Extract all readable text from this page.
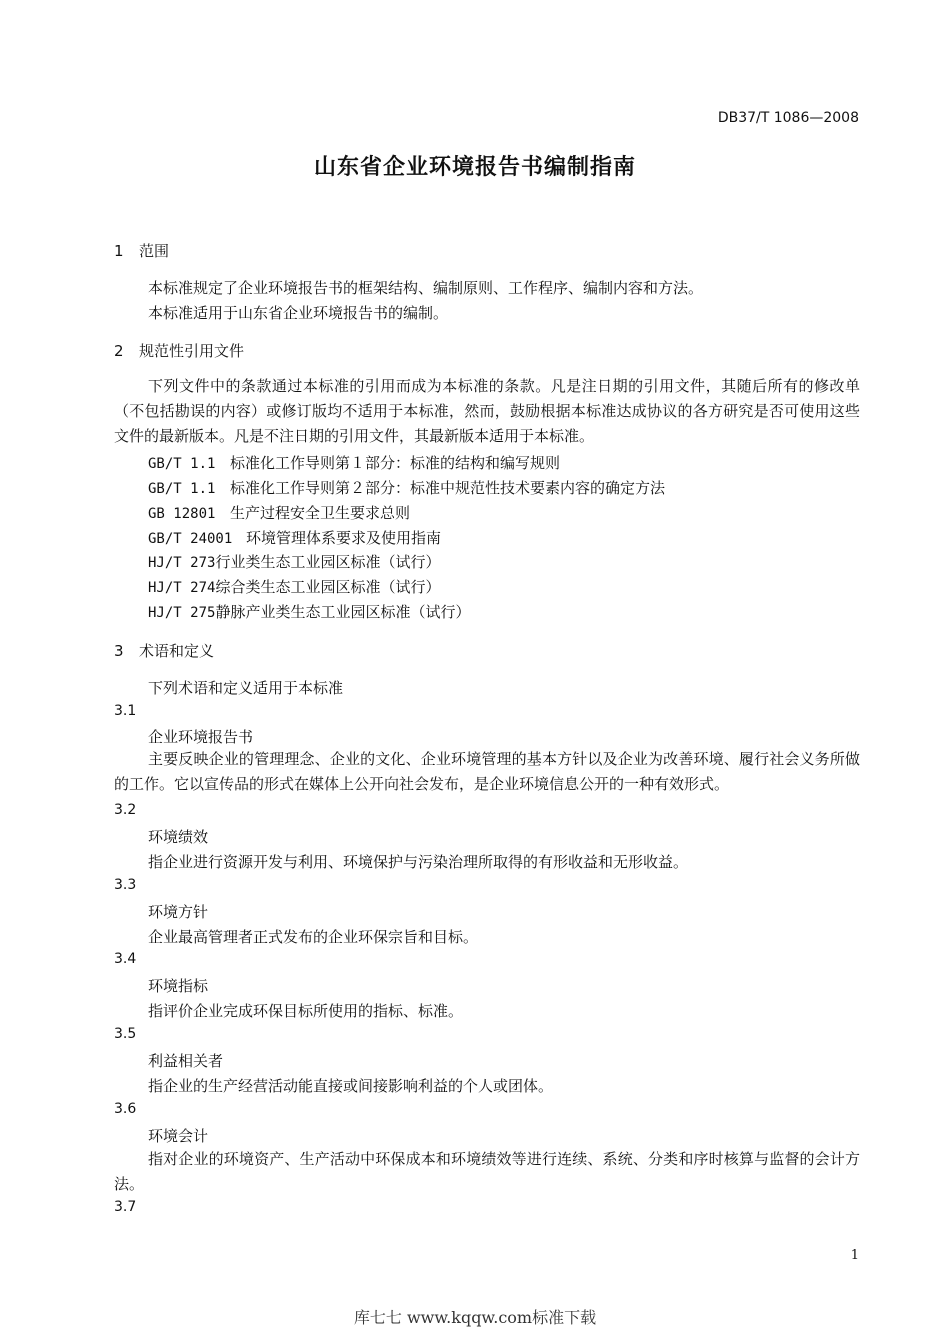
DB37/T 1086—2008
山东省企业环境报告书编制指南
1 范围
本标准规定了企业环境报告书的框架结构、编制原则、工作程序、编制内容和方法。
本标准适用于山东省企业环境报告书的编制。
2 规范性引用文件
下列文件中的条款通过本标准的引用而成为本标准的条款。凡是注日期的引用文件，其随后所有的修改单（不包括勘误的内容）或修订版均不适用于本标准，然而，鼓励根据本标准达成协议的各方研究是否可使用这些文件的最新版本。凡是不注日期的引用文件，其最新版本适用于本标准。
GB/T 1.1 标准化工作导则第１部分：标准的结构和编写规则
GB/T 1.1 标准化工作导则第２部分：标准中规范性技术要素内容的确定方法
GB 12801 生产过程安全卫生要求总则
GB/T 24001 环境管理体系要求及使用指南
HJ/T 273行业类生态工业园区标准（试行）
HJ/T 274综合类生态工业园区标准（试行）
HJ/T 275静脉产业类生态工业园区标准（试行）
3 术语和定义
下列术语和定义适用于本标准
3.1
企业环境报告书
主要反映企业的管理理念、企业的文化、企业环境管理的基本方针以及企业为改善环境、履行社会义务所做的工作。它以宣传品的形式在媒体上公开向社会发布，是企业环境信息公开的一种有效形式。
3.2
环境绩效
指企业进行资源开发与利用、环境保护与污染治理所取得的有形收益和无形收益。
3.3
环境方针
企业最高管理者正式发布的企业环保宗旨和目标。
3.4
环境指标
指评价企业完成环保目标所使用的指标、标准。
3.5
利益相关者
指企业的生产经营活动能直接或间接影响利益的个人或团体。
3.6
环境会计
指对企业的环境资产、生产活动中环保成本和环境绩效等进行连续、系统、分类和序时核算与监督的会计方法。
3.7
1
库七七 www.kqqw.com标准下载
